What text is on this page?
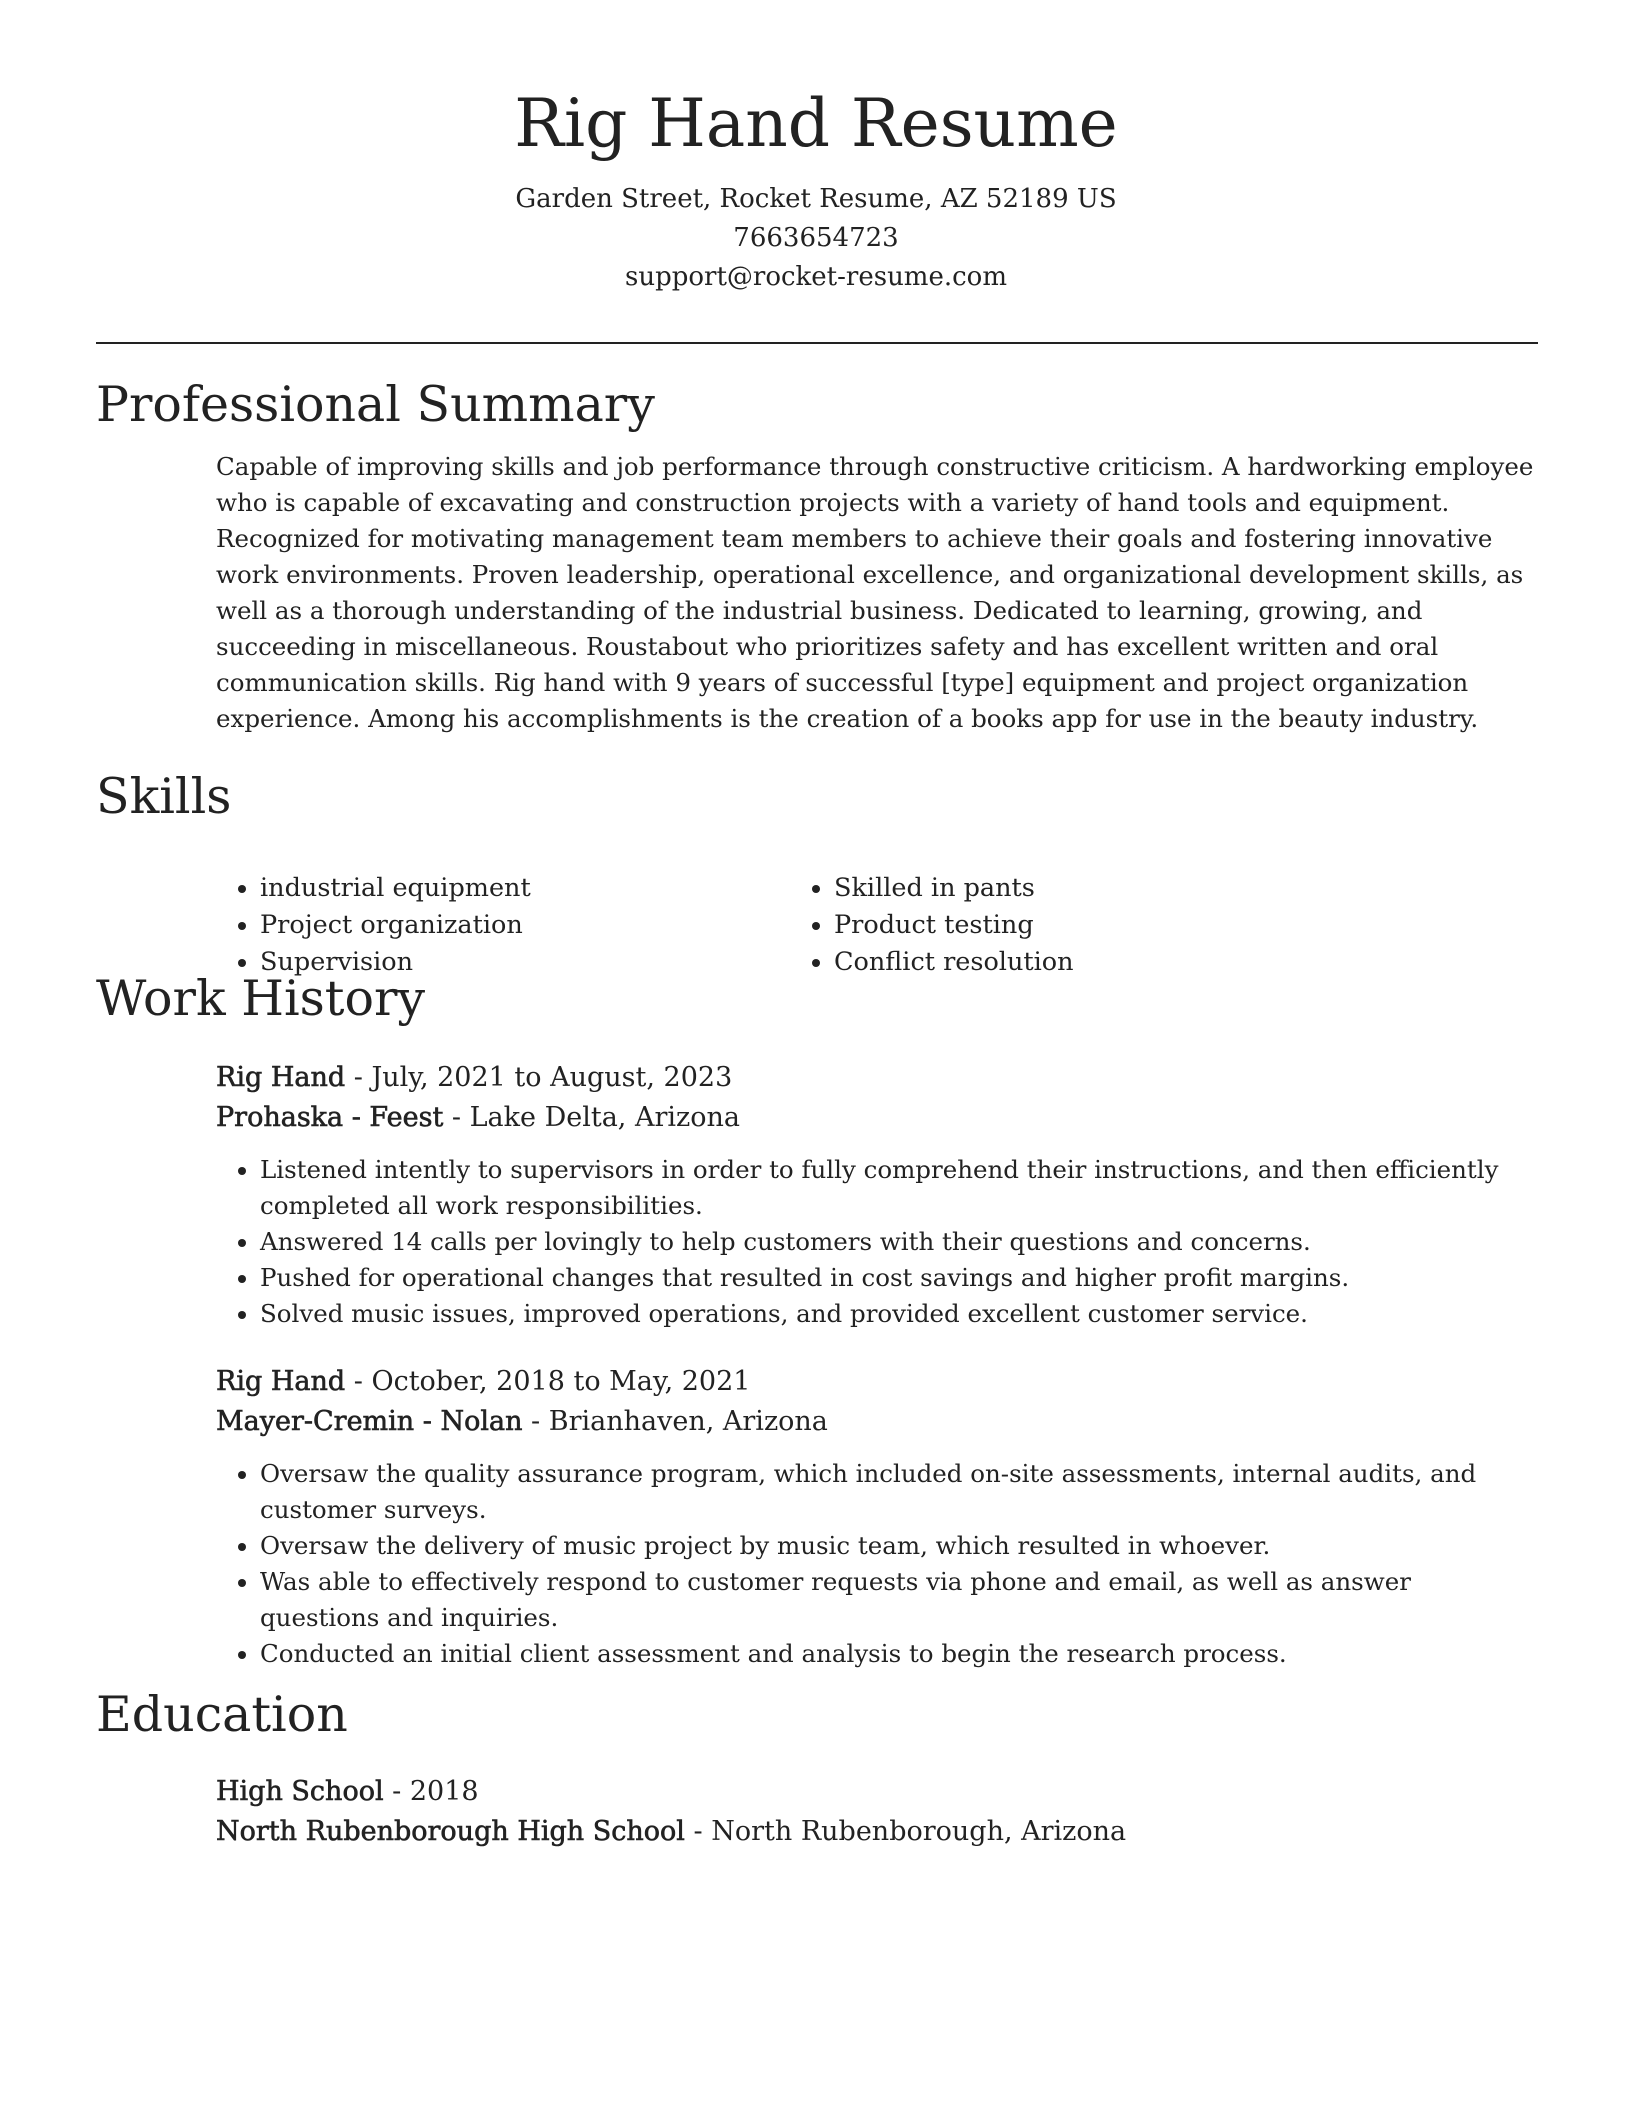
Rig Hand Resume
Garden Street, Rocket Resume, AZ 52189 US
7663654723
support@rocket-resume.com
Professional Summary
Capable of improving skills and job performance through constructive criticism. A hardworking employee who is capable of excavating and construction projects with a variety of hand tools and equipment. Recognized for motivating management team members to achieve their goals and fostering innovative work environments. Proven leadership, operational excellence, and organizational development skills, as well as a thorough understanding of the industrial business. Dedicated to learning, growing, and succeeding in miscellaneous. Roustabout who prioritizes safety and has excellent written and oral communication skills. Rig hand with 9 years of successful [type] equipment and project organization experience. Among his accomplishments is the creation of a books app for use in the beauty industry.
Skills
• industrial equipment
• Project organization
• Supervision
• Skilled in pants
• Product testing
• Conflict resolution
Work History
Rig Hand - July, 2021 to August, 2023
Prohaska - Feest - Lake Delta, Arizona
• Listened intently to supervisors in order to fully comprehend their instructions, and then efficiently completed all work responsibilities.
• Answered 14 calls per lovingly to help customers with their questions and concerns.
• Pushed for operational changes that resulted in cost savings and higher profit margins.
• Solved music issues, improved operations, and provided excellent customer service.
Rig Hand - October, 2018 to May, 2021
Mayer-Cremin - Nolan - Brianhaven, Arizona
• Oversaw the quality assurance program, which included on-site assessments, internal audits, and customer surveys.
• Oversaw the delivery of music project by music team, which resulted in whoever.
• Was able to effectively respond to customer requests via phone and email, as well as answer questions and inquiries.
• Conducted an initial client assessment and analysis to begin the research process.
Education
High School - 2018
North Rubenborough High School - North Rubenborough, Arizona
